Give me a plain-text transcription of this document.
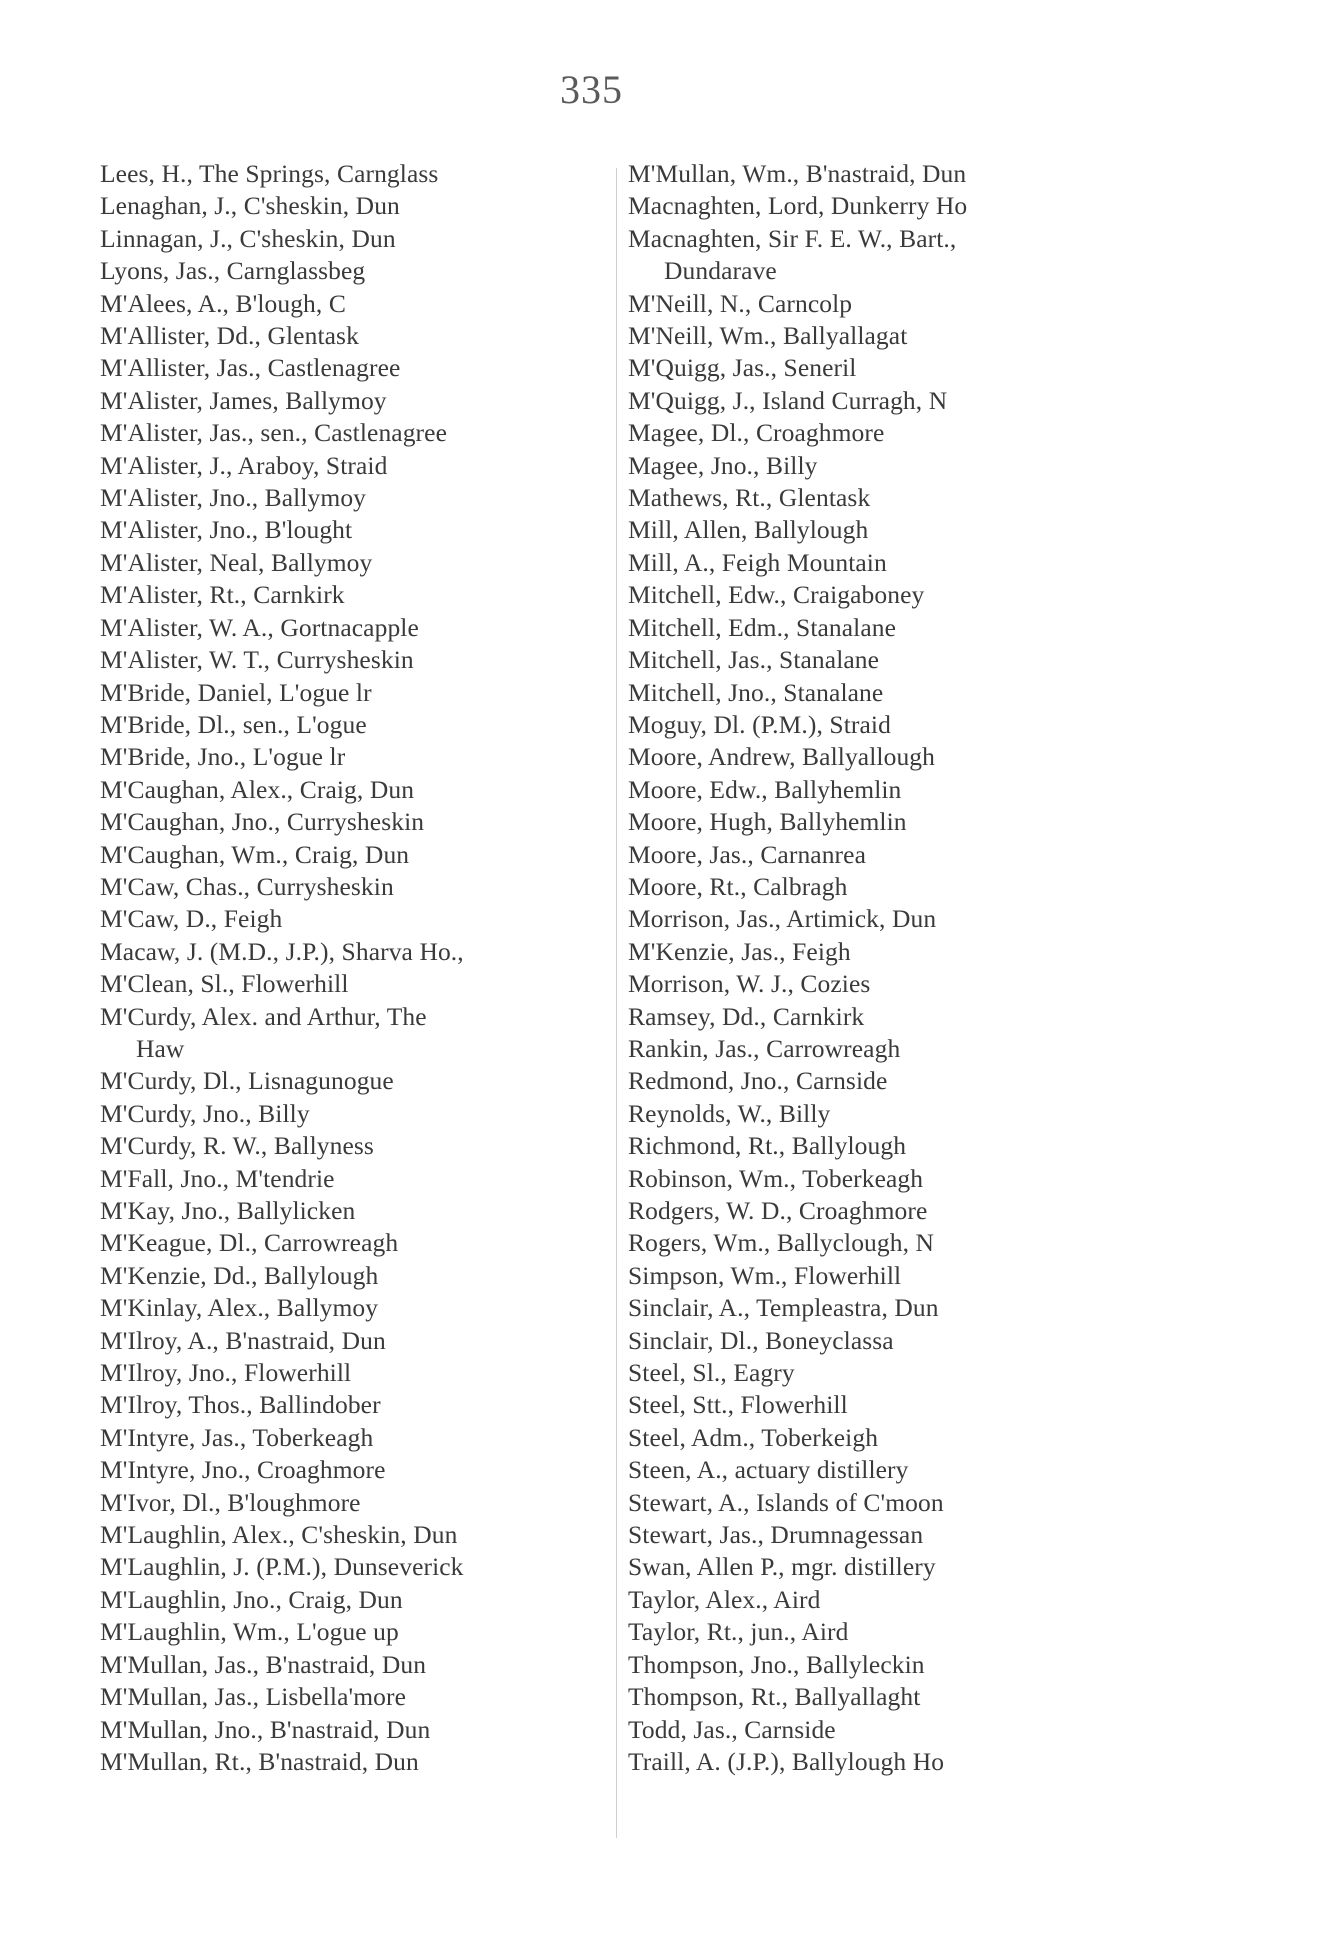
335
Lees, H., The Springs, Carnglass
Lenaghan, J., C'sheskin, Dun
Linnagan, J., C'sheskin, Dun
Lyons, Jas., Carnglassbeg
M'Alees, A., B'lough, C
M'Allister, Dd., Glentask
M'Allister, Jas., Castlenagree
M'Alister, James, Ballymoy
M'Alister, Jas., sen., Castlenagree
M'Alister, J., Araboy, Straid
M'Alister, Jno., Ballymoy
M'Alister, Jno., B'lought
M'Alister, Neal, Ballymoy
M'Alister, Rt., Carnkirk
M'Alister, W. A., Gortnacapple
M'Alister, W. T., Currysheskin
M'Bride, Daniel, L'ogue lr
M'Bride, Dl., sen., L'ogue
M'Bride, Jno., L'ogue lr
M'Caughan, Alex., Craig, Dun
M'Caughan, Jno., Currysheskin
M'Caughan, Wm., Craig, Dun
M'Caw, Chas., Currysheskin
M'Caw, D., Feigh
Macaw, J. (M.D., J.P.), Sharva Ho.,
M'Clean, Sl., Flowerhill
M'Curdy, Alex. and Arthur, The
Haw
M'Curdy, Dl., Lisnagunogue
M'Curdy, Jno., Billy
M'Curdy, R. W., Ballyness
M'Fall, Jno., M'tendrie
M'Kay, Jno., Ballylicken
M'Keague, Dl., Carrowreagh
M'Kenzie, Dd., Ballylough
M'Kinlay, Alex., Ballymoy
M'Ilroy, A., B'nastraid, Dun
M'Ilroy, Jno., Flowerhill
M'Ilroy, Thos., Ballindober
M'Intyre, Jas., Toberkeagh
M'Intyre, Jno., Croaghmore
M'Ivor, Dl., B'loughmore
M'Laughlin, Alex., C'sheskin, Dun
M'Laughlin, J. (P.M.), Dunseverick
M'Laughlin, Jno., Craig, Dun
M'Laughlin, Wm., L'ogue up
M'Mullan, Jas., B'nastraid, Dun
M'Mullan, Jas., Lisbella'more
M'Mullan, Jno., B'nastraid, Dun
M'Mullan, Rt., B'nastraid, Dun
M'Mullan, Wm., B'nastraid, Dun
Macnaghten, Lord, Dunkerry Ho
Macnaghten, Sir F. E. W., Bart.,
Dundarave
M'Neill, N., Carncolp
M'Neill, Wm., Ballyallagat
M'Quigg, Jas., Seneril
M'Quigg, J., Island Curragh, N
Magee, Dl., Croaghmore
Magee, Jno., Billy
Mathews, Rt., Glentask
Mill, Allen, Ballylough
Mill, A., Feigh Mountain
Mitchell, Edw., Craigaboney
Mitchell, Edm., Stanalane
Mitchell, Jas., Stanalane
Mitchell, Jno., Stanalane
Moguy, Dl. (P.M.), Straid
Moore, Andrew, Ballyallough
Moore, Edw., Ballyhemlin
Moore, Hugh, Ballyhemlin
Moore, Jas., Carnanrea
Moore, Rt., Calbragh
Morrison, Jas., Artimick, Dun
M'Kenzie, Jas., Feigh
Morrison, W. J., Cozies
Ramsey, Dd., Carnkirk
Rankin, Jas., Carrowreagh
Redmond, Jno., Carnside
Reynolds, W., Billy
Richmond, Rt., Ballylough
Robinson, Wm., Toberkeagh
Rodgers, W. D., Croaghmore
Rogers, Wm., Ballyclough, N
Simpson, Wm., Flowerhill
Sinclair, A., Templeastra, Dun
Sinclair, Dl., Boneyclassa
Steel, Sl., Eagry
Steel, Stt., Flowerhill
Steel, Adm., Toberkeigh
Steen, A., actuary distillery
Stewart, A., Islands of C'moon
Stewart, Jas., Drumnagessan
Swan, Allen P., mgr. distillery
Taylor, Alex., Aird
Taylor, Rt., jun., Aird
Thompson, Jno., Ballyleckin
Thompson, Rt., Ballyallaght
Todd, Jas., Carnside
Traill, A. (J.P.), Ballylough Ho
